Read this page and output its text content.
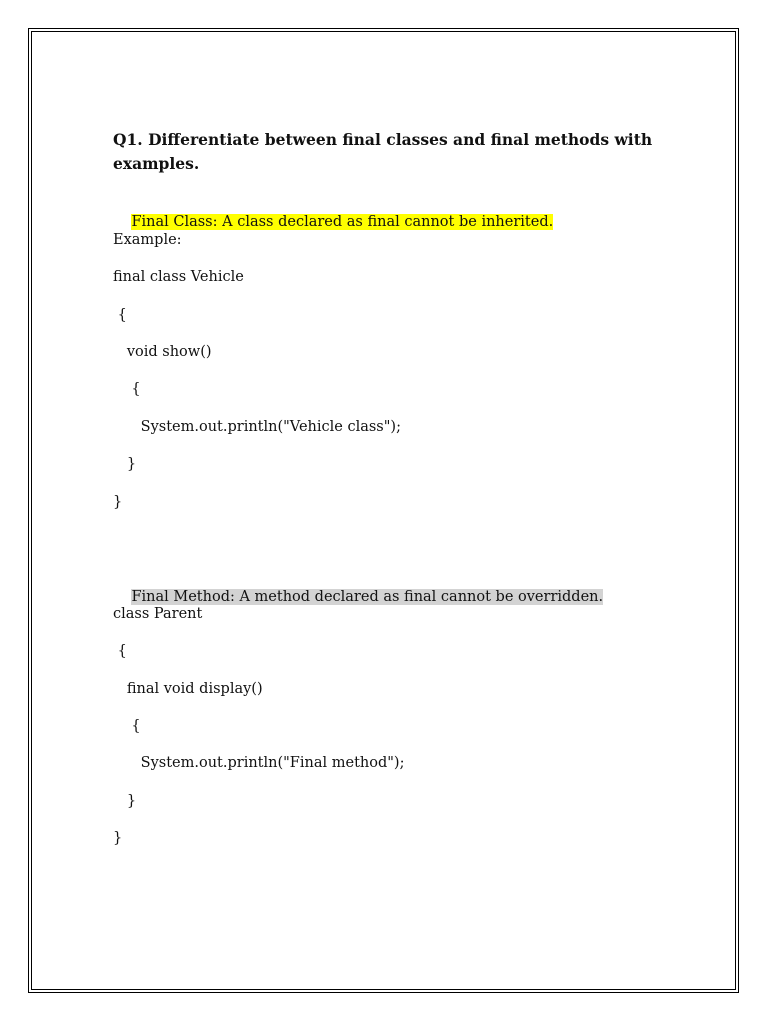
Q1. Differentiate between final classes and final methods with examples.

Final Class: A class declared as final cannot be inherited.

Example:
final class Vehicle
{
void show()
{
System.out.println("Vehicle class");
}
}

Final Method: A method declared as final cannot be overridden.

class Parent
{
final void display()
{
System.out.println("Final method");
}
}
